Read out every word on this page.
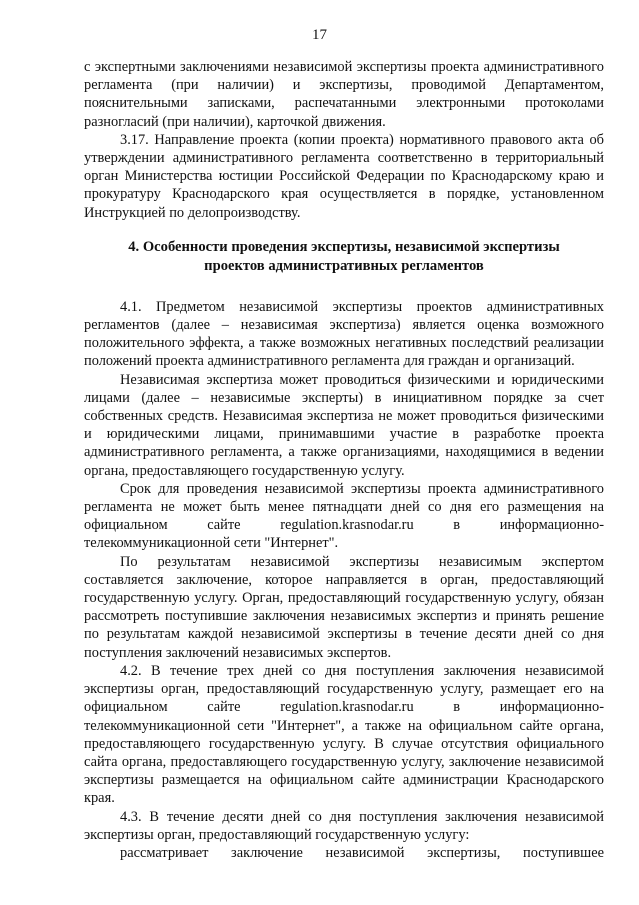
17

с экспертными заключениями независимой экспертизы проекта административного регламента (при наличии) и экспертизы, проводимой Департаментом, пояснительными записками, распечатанными электронными протоколами разногласий (при наличии), карточкой движения.

3.17. Направление проекта (копии проекта) нормативного правового акта об утверждении административного регламента соответственно в территориальный орган Министерства юстиции Российской Федерации по Краснодарскому краю и прокуратуру Краснодарского края осуществляется в порядке, установленном Инструкцией по делопроизводству.

4. Особенности проведения экспертизы, независимой экспертизы
проектов административных регламентов

4.1. Предметом независимой экспертизы проектов административных регламентов (далее – независимая экспертиза) является оценка возможного положительного эффекта, а также возможных негативных последствий реализации положений проекта административного регламента для граждан и организаций.

Независимая экспертиза может проводиться физическими и юридическими лицами (далее – независимые эксперты) в инициативном порядке за счет собственных средств. Независимая экспертиза не может проводиться физическими и юридическими лицами, принимавшими участие в разработке проекта административного регламента, а также организациями, находящимися в ведении органа, предоставляющего государственную услугу.

Срок для проведения независимой экспертизы проекта административного регламента не может быть менее пятнадцати дней со дня его размещения на официальном сайте regulation.krasnodar.ru в информационно-телекоммуникационной сети "Интернет".

По результатам независимой экспертизы независимым экспертом составляется заключение, которое направляется в орган, предоставляющий государственную услугу. Орган, предоставляющий государственную услугу, обязан рассмотреть поступившие заключения независимых экспертиз и принять решение по результатам каждой независимой экспертизы в течение десяти дней со дня поступления заключений независимых экспертов.

4.2. В течение трех дней со дня поступления заключения независимой экспертизы орган, предоставляющий государственную услугу, размещает его на официальном сайте regulation.krasnodar.ru в информационно-телекоммуникационной сети "Интернет", а также на официальном сайте органа, предоставляющего государственную услугу. В случае отсутствия официального сайта органа, предоставляющего государственную услугу, заключение независимой экспертизы размещается на официальном сайте администрации Краснодарского края.

4.3. В течение десяти дней со дня поступления заключения независимой экспертизы орган, предоставляющий государственную услугу:

рассматривает заключение независимой экспертизы, поступившее
